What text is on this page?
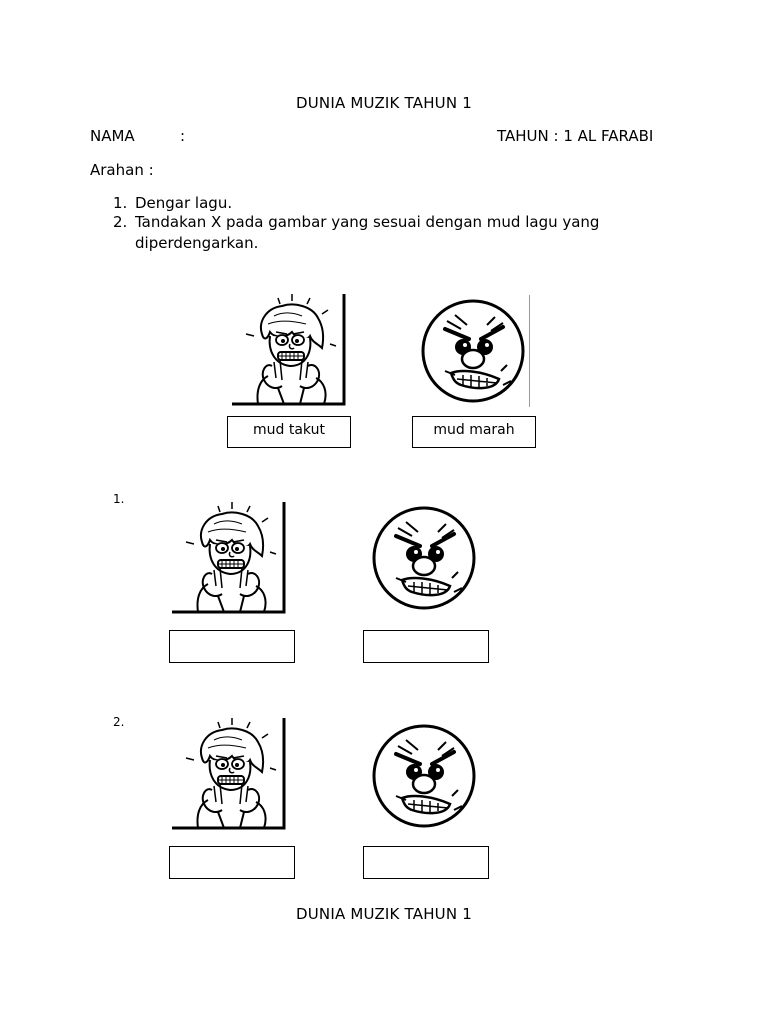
DUNIA MUZIK TAHUN 1
NAMA	:	TAHUN : 1 AL FARABI
Arahan :
1. Dengar lagu.
2. Tandakan X pada gambar yang sesuai dengan mud lagu yang
diperdengarkan.
mud takut	mud marah
1.
2.
DUNIA MUZIK TAHUN 1
